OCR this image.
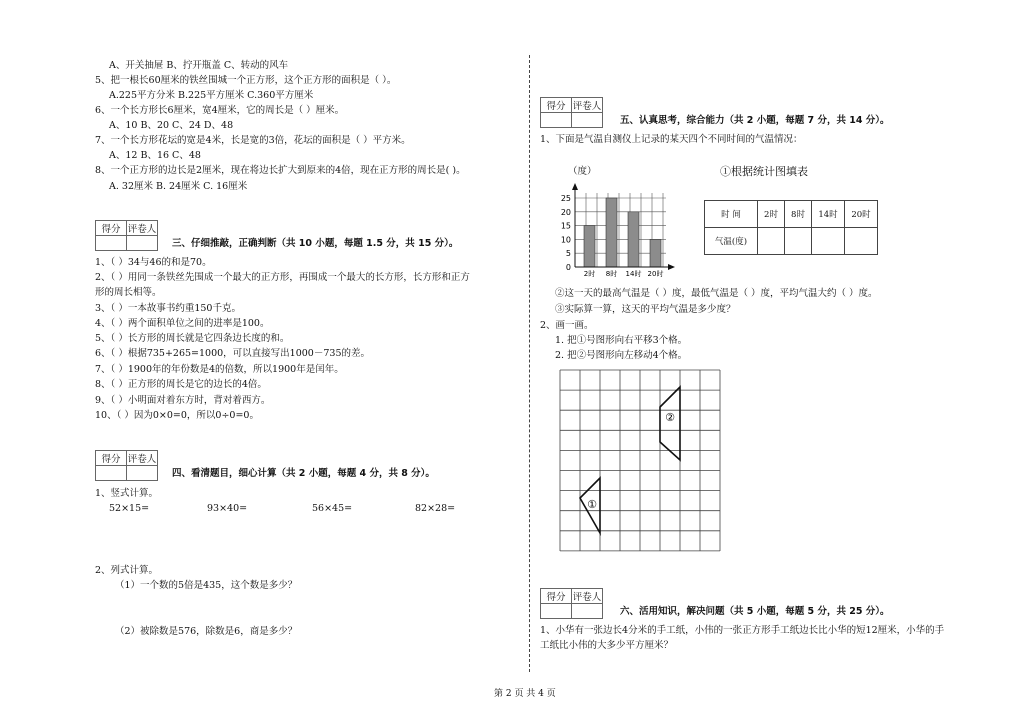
A、开关抽屉 B、拧开瓶盖 C、转动的风车
5、把一根长60厘米的铁丝围城一个正方形，这个正方形的面积是（ ）。
A.225平方分米 B.225平方厘米 C.360平方厘米
6、一个长方形长6厘米，宽4厘米，它的周长是（ ）厘米。
A、10 B、20 C、24 D、48
7、一个长方形花坛的宽是4米，长是宽的3倍，花坛的面积是（ ）平方米。
A、12 B、16 C、48
8、一个正方形的边长是2厘米，现在将边长扩大到原来的4倍，现在正方形的周长是( )。
A. 32厘米 B. 24厘米 C. 16厘米
得分	评卷人

三、仔细推敲，正确判断（共 10 小题，每题 1.5 分，共 15 分）。
1、（ ）34与46的和是70。
2、（ ）用同一条铁丝先围成一个最大的正方形，再围成一个最大的长方形，长方形和正方
形的周长相等。
3、（ ）一本故事书约重150千克。
4、（ ）两个面积单位之间的进率是100。
5、（ ）长方形的周长就是它四条边长度的和。
6、（ ）根据735+265=1000，可以直接写出1000－735的差。
7、（ ）1900年的年份数是4的倍数，所以1900年是闰年。
8、（ ）正方形的周长是它的边长的4倍。
9、（ ）小明面对着东方时，背对着西方。
10、（ ）因为0×0=0，所以0÷0=0。
得分	评卷人

四、看清题目，细心计算（共 2 小题，每题 4 分，共 8 分）。
1、竖式计算。
52×15=	93×40=	56×45=	82×28=
2、列式计算。
（1）一个数的5倍是435，这个数是多少？
（2）被除数是576，除数是6，商是多少？
得分	评卷人

五、认真思考，综合能力（共 2 小题，每题 7 分，共 14 分）。
1、下面是气温自测仪上记录的某天四个不同时间的气温情况：
（度）	①根据统计图填表
0
5
10
15
20
25
2时 8时 14时 20时
时 间	2时	8时	14时	20时
气温(度)				
②这一天的最高气温是（ ）度，最低气温是（ ）度，平均气温大约（ ）度。
③实际算一算，这天的平均气温是多少度？
2、画一画。
1. 把①号图形向右平移3个格。
2. 把②号图形向左移动4个格。
①
②
得分	评卷人

六、活用知识，解决问题（共 5 小题，每题 5 分，共 25 分）。
1、小华有一张边长4分米的手工纸，小伟的一张正方形手工纸边长比小华的短12厘米，小华的手
工纸比小伟的大多少平方厘米？
第 2 页 共 4 页
